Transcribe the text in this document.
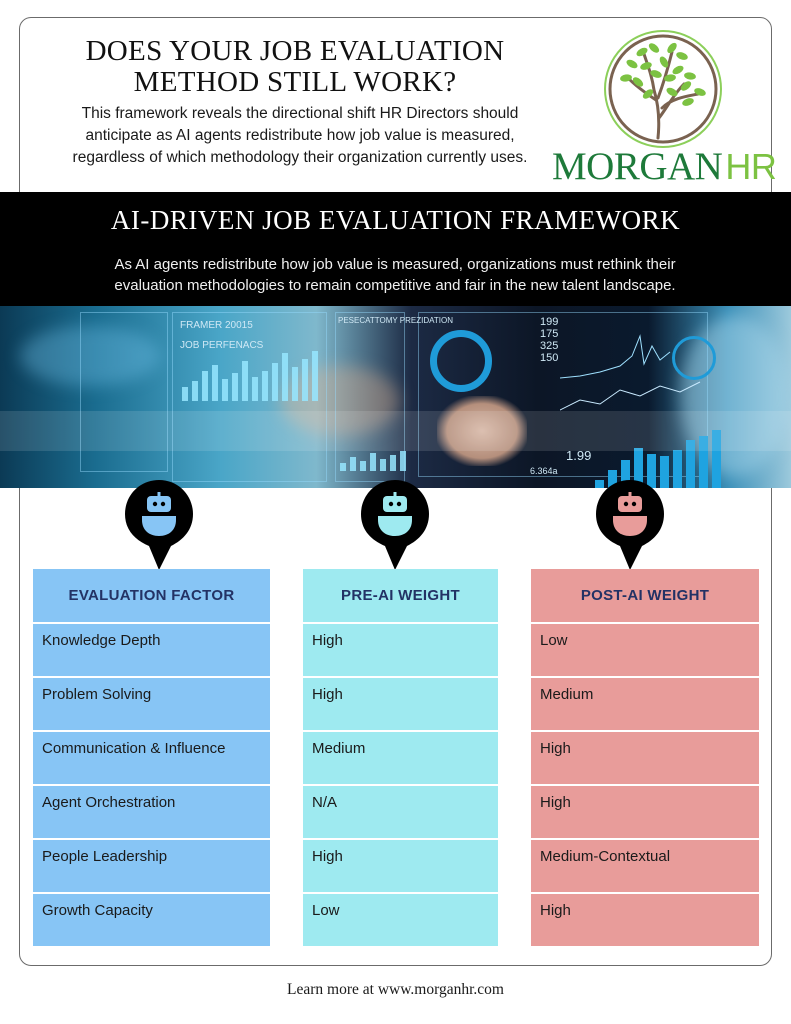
DOES YOUR JOB EVALUATION
METHOD STILL WORK?
This framework reveals the directional shift HR Directors should
anticipate as AI agents redistribute how job value is measured,
regardless of which methodology their organization currently uses. MORGANHR
AI-DRIVEN JOB EVALUATION FRAMEWORK
As AI agents redistribute how job value is measured, organizations must rethink their
evaluation methodologies to remain competitive and fair in the new talent landscape.
FRAMER 20015
JOB PERFENACS
PESECATTOMY PREZIDATION	199
175
325
150
1.99
6.364a
EVALUATION FACTOR
Knowledge Depth
Problem Solving
Communication & Influence
Agent Orchestration
People Leadership
Growth Capacity
PRE-AI WEIGHT
High
High
Medium
N/A
High
Low
POST-AI WEIGHT
Low
Medium
High
High
Medium-Contextual
High
Learn more at www.morganhr.com
